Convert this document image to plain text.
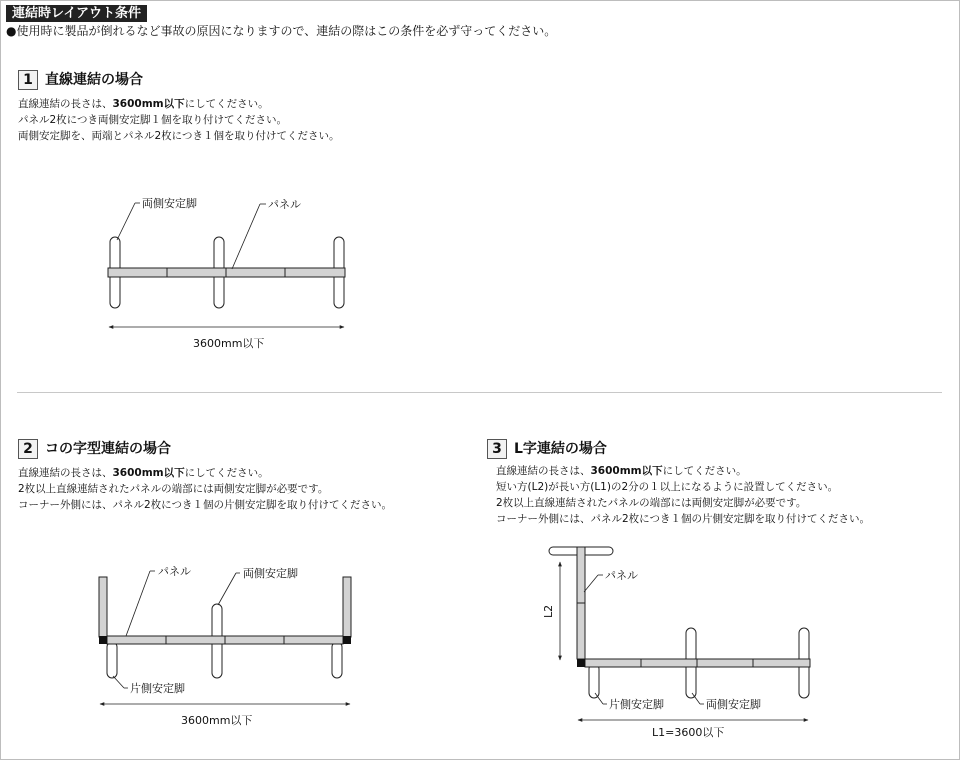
連結時レイアウト条件
●使用時に製品が倒れるなど事故の原因になりますので、連結の際はこの条件を必ず守ってください。
1 直線連結の場合
直線連結の長さは、3600mm以下にしてください。
パネル2枚につき両側安定脚１個を取り付けてください。
両側安定脚を、両端とパネル2枚につき１個を取り付けてください。
2 コの字型連結の場合
直線連結の長さは、3600mm以下にしてください。
2枚以上直線連結されたパネルの端部には両側安定脚が必要です。
コーナー外側には、パネル2枚につき１個の片側安定脚を取り付けてください。
3 L字連結の場合
直線連結の長さは、3600mm以下にしてください。
短い方(L2)が長い方(L1)の2分の１以上になるように設置してください。
2枚以上直線連結されたパネルの端部には両側安定脚が必要です。
コーナー外側には、パネル2枚につき１個の片側安定脚を取り付けてください。
両側安定脚	パネル
3600mm以下
パネル	両側安定脚
片側安定脚
3600mm以下
L2
パネル
片側安定脚	両側安定脚
L1=3600以下
